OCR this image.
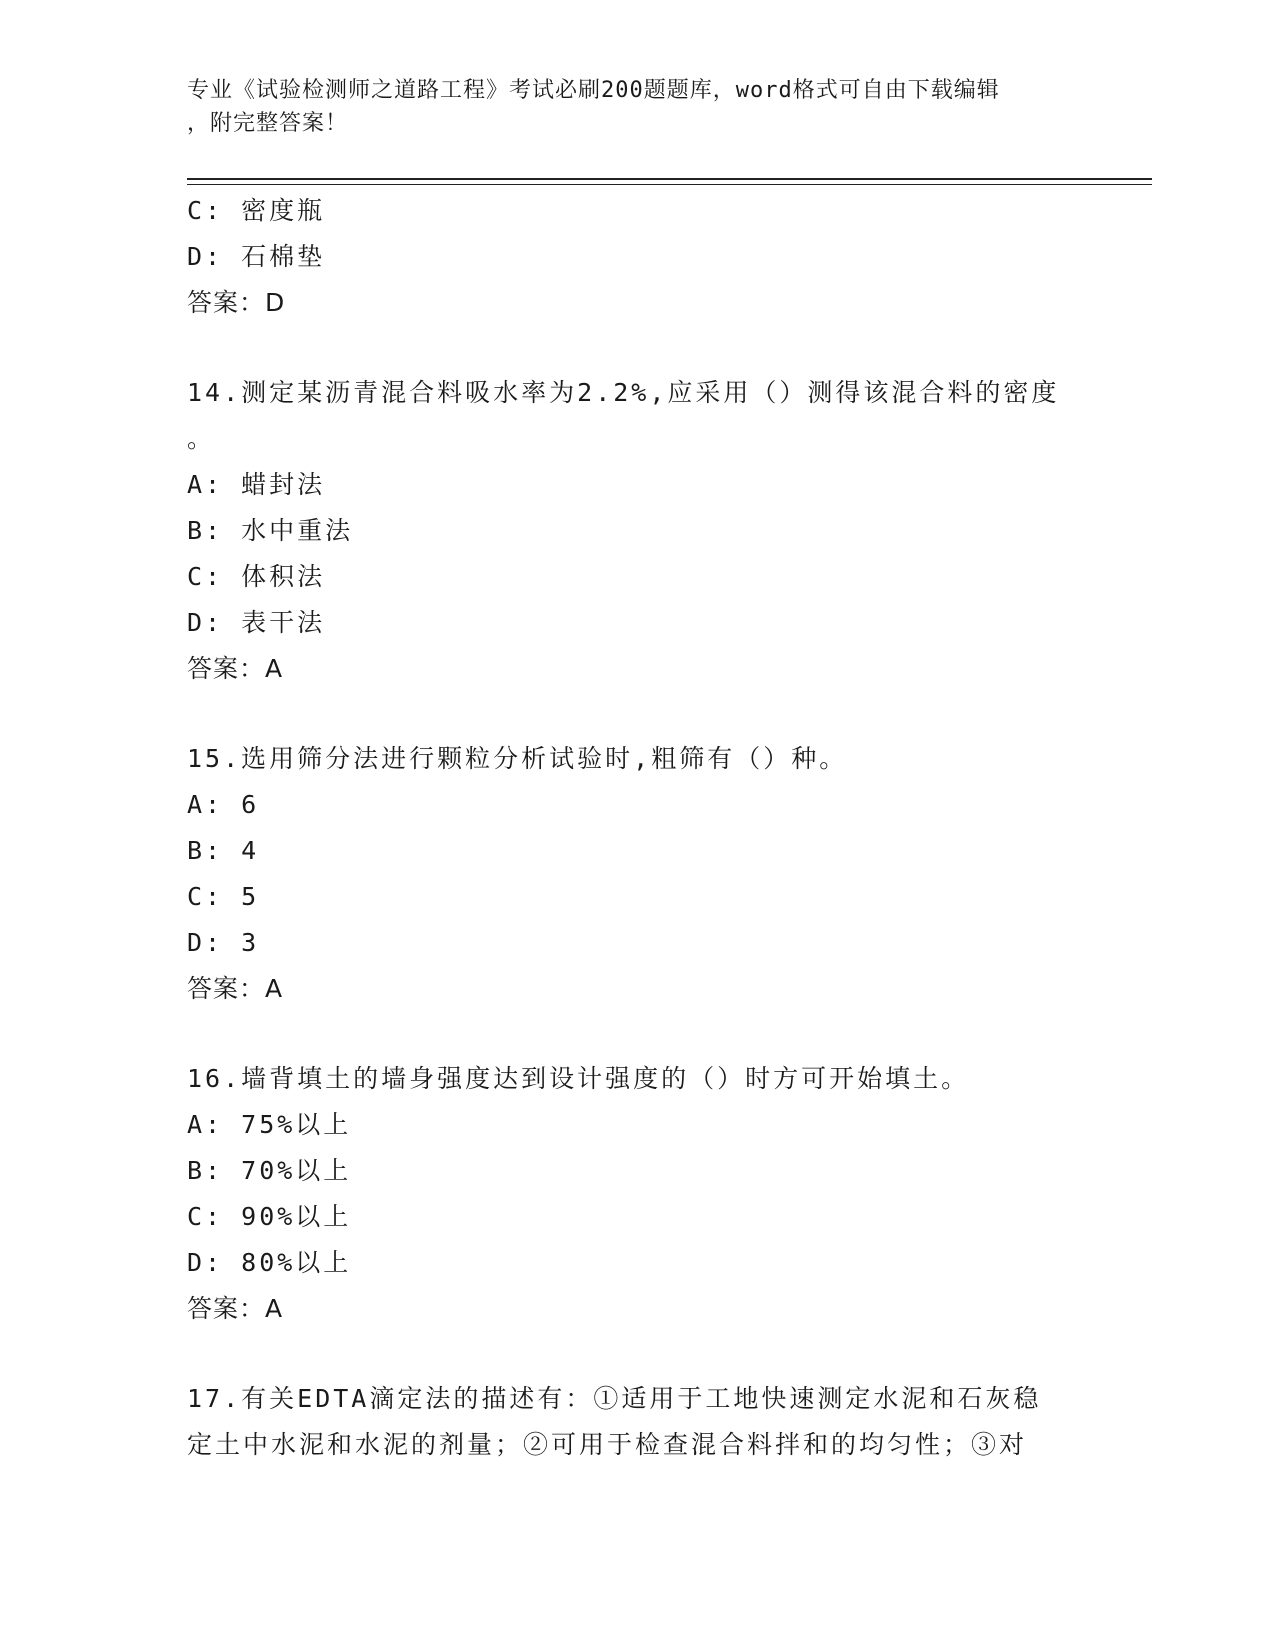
专业《试验检测师之道路工程》考试必刷200题题库，word格式可自由下载编辑
，附完整答案！
C: 密度瓶
D: 石棉垫
答案：D
14.测定某沥青混合料吸水率为2.2%,应采用（）测得该混合料的密度
。
A: 蜡封法
B: 水中重法
C: 体积法
D: 表干法
答案：A
15.选用筛分法进行颗粒分析试验时,粗筛有（）种。
A: 6
B: 4
C: 5
D: 3
答案：A
16.墙背填土的墙身强度达到设计强度的（）时方可开始填土。
A: 75%以上
B: 70%以上
C: 90%以上
D: 80%以上
答案：A
17.有关EDTA滴定法的描述有：①适用于工地快速测定水泥和石灰稳
定土中水泥和水泥的剂量；②可用于检查混合料拌和的均匀性；③对
